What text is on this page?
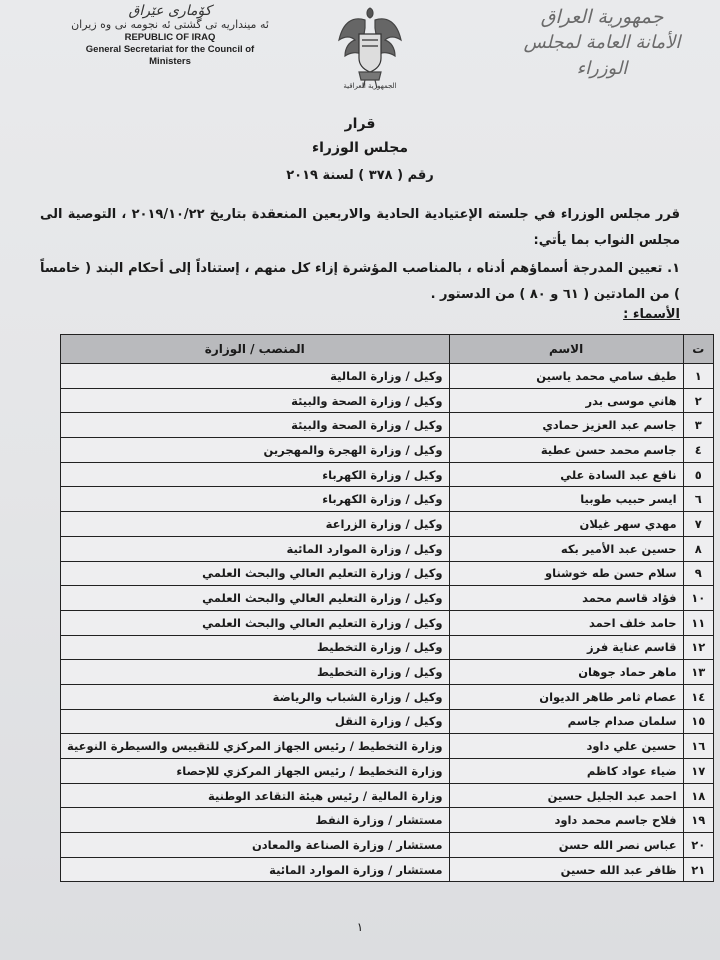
كۆماری عێراق
ئه مینداریه تی گشتی ئه نجومه نی وه زیران
REPUBLIC OF IRAQ
General Secretariat for the Council of Ministers
الجمهورية العراقية
جمهورية العراق
الأمانة العامة لمجلس الوزراء
قرار
مجلس الوزراء
رقم ( ٣٧٨ ) لسنة ٢٠١٩
قرر مجلس الوزراء في جلسته الإعتيادية الحادية والاربعين المنعقدة بتاريخ ٢٠١٩/١٠/٢٢ ، التوصية الى مجلس النواب بما يأتي:
١. تعيين المدرجة أسماؤهم أدناه ، بالمناصب المؤشرة إزاء كل منهم ، إستناداً إلى أحكام البند ( خامساً ) من المادتين ( ٦١ و ٨٠ ) من الدستور .
الأسماء :
ت	الاسم	المنصب / الوزارة
١	طيف سامي محمد ياسين	وكيل / وزارة المالية
٢	هاني موسى بدر	وكيل / وزارة الصحة والبيئة
٣	جاسم عبد العزيز حمادي	وكيل / وزارة الصحة والبيئة
٤	جاسم محمد حسن عطية	وكيل / وزارة الهجرة والمهجرين
٥	نافع عبد السادة علي	وكيل / وزارة الكهرباء
٦	ايسر حبيب طوبيا	وكيل / وزارة الكهرباء
٧	مهدي سهر غيلان	وكيل / وزارة الزراعة
٨	حسين عبد الأمير بكه	وكيل / وزارة الموارد المائية
٩	سلام حسن طه خوشناو	وكيل / وزارة التعليم العالي والبحث العلمي
١٠	فؤاد قاسم محمد	وكيل / وزارة التعليم العالي والبحث العلمي
١١	حامد خلف احمد	وكيل / وزارة التعليم العالي والبحث العلمي
١٢	قاسم عناية فرز	وكيل / وزارة التخطيط
١٣	ماهر حماد جوهان	وكيل / وزارة التخطيط
١٤	عصام ثامر طاهر الديوان	وكيل / وزارة الشباب والرياضة
١٥	سلمان صدام جاسم	وكيل / وزارة النقل
١٦	حسين علي داود	وزارة التخطيط / رئيس الجهاز المركزي للتقييس والسيطرة النوعية
١٧	ضياء عواد كاظم	وزارة التخطيط / رئيس الجهاز المركزي للإحصاء
١٨	احمد عبد الجليل حسين	وزارة المالية / رئيس هيئة التقاعد الوطنية
١٩	فلاح جاسم محمد داود	مستشار / وزارة النفط
٢٠	عباس نصر الله حسن	مستشار / وزارة الصناعة والمعادن
٢١	ظافر عبد الله حسين	مستشار / وزارة الموارد المائية
١
